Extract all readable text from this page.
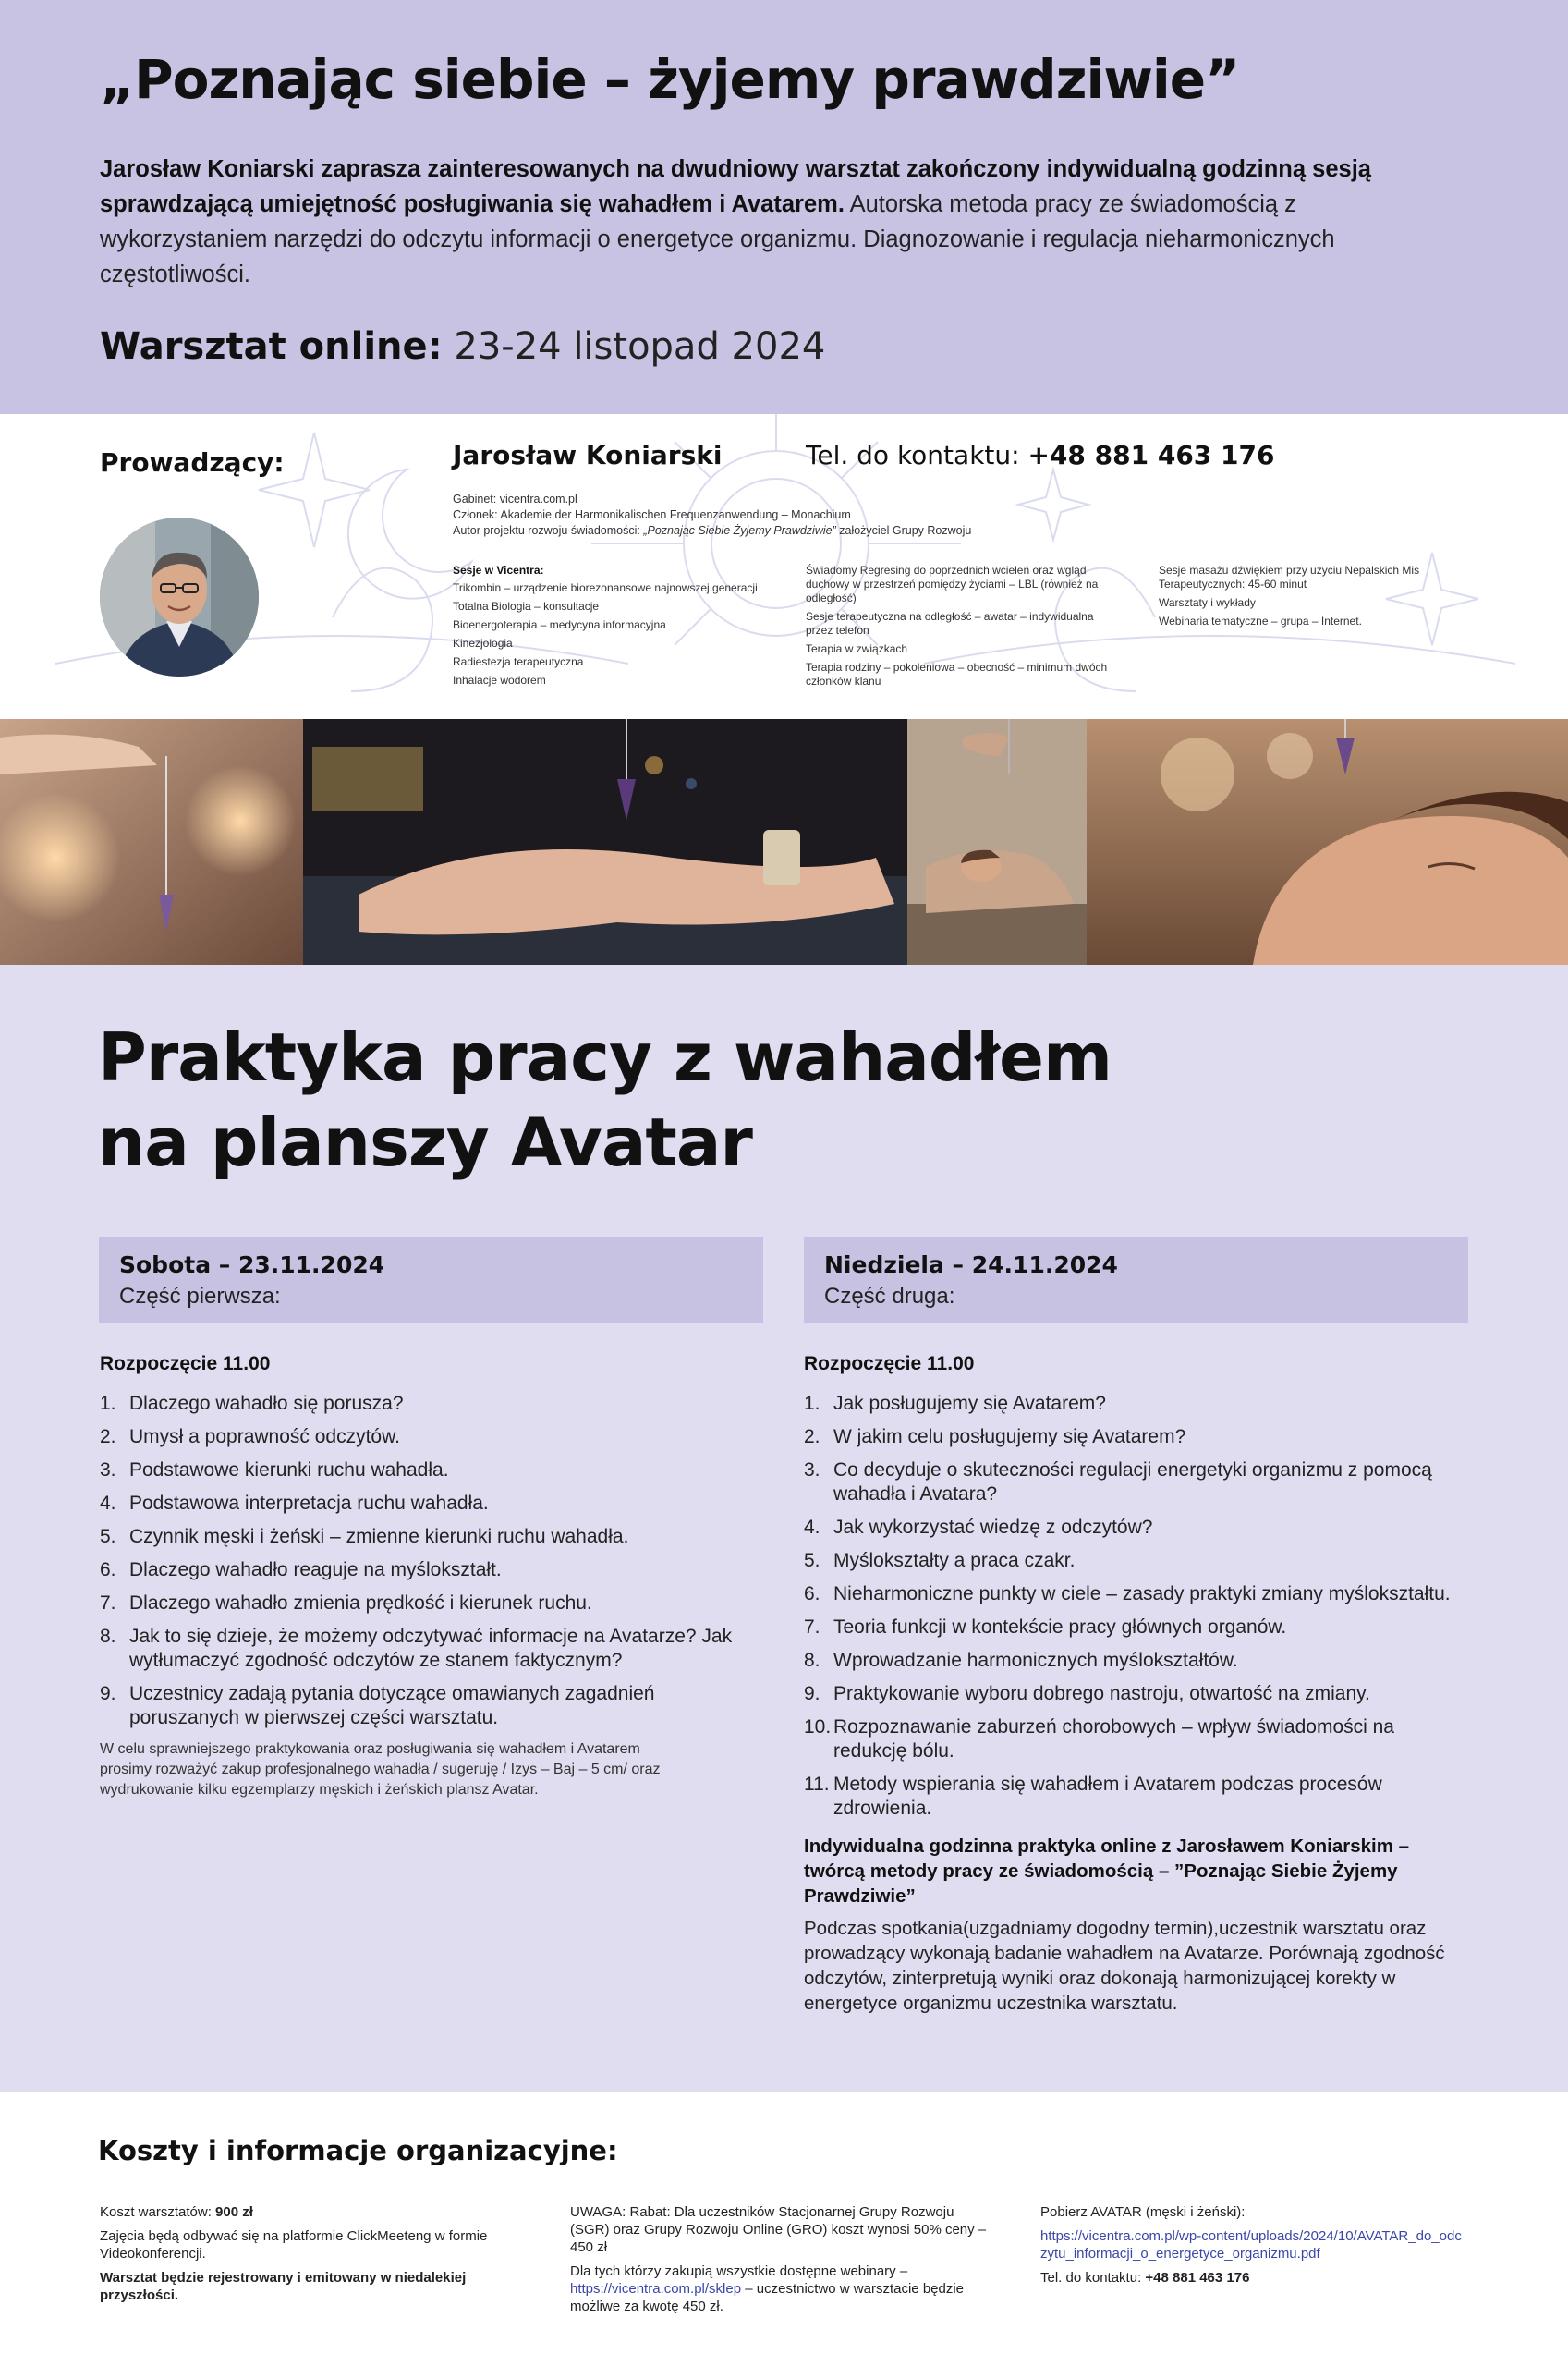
„Poznając siebie – żyjemy prawdziwie”

Jarosław Koniarski zaprasza zainteresowanych na dwudniowy warsztat zakończony indywidualną godzinną sesją sprawdzającą umiejętność posługiwania się wahadłem i Avatarem. Autorska metoda pracy ze świadomością z wykorzystaniem narzędzi do odczytu informacji o energetyce organizmu. Diagnozowanie i regulacja nieharmonicznych częstotliwości.

Warsztat online: 23-24 listopad 2024
Prowadzący:	Jarosław Koniarski	Tel. do kontaktu: +48 881 463 176
Gabinet: vicentra.com.pl
Członek: Akademie der Harmonikalischen Frequenzanwendung – Monachium
Autor projektu rozwoju świadomości: „Poznając Siebie Żyjemy Prawdziwie” założyciel Grupy Rozwoju
Sesje w Vicentra:
Trikombin – urządzenie biorezonansowe najnowszej generacji
Totalna Biologia – konsultacje
Bioenergoterapia – medycyna informacyjna
Kinezjologia
Radiestezja terapeutyczna
Inhalacje wodorem
Świadomy Regresing do poprzednich wcieleń oraz wgląd duchowy w przestrzeń pomiędzy życiami – LBL (również na odległość)
Sesje terapeutyczna na odległość – awatar – indywidualna przez telefon
Terapia w związkach
Terapia rodziny – pokoleniowa – obecność – minimum dwóch członków klanu
Sesje masażu dźwiękiem przy użyciu Nepalskich Mis Terapeutycznych: 45-60 minut
Warsztaty i wykłady
Webinaria tematyczne – grupa – Internet.
Praktyka pracy z wahadłem
na planszy Avatar
Sobota – 23.11.2024
Część pierwsza:
Niedziela – 24.11.2024
Część druga:
Rozpoczęcie 11.00
1. Dlaczego wahadło się porusza?
2. Umysł a poprawność odczytów.
3. Podstawowe kierunki ruchu wahadła.
4. Podstawowa interpretacja ruchu wahadła.
5. Czynnik męski i żeński – zmienne kierunki ruchu wahadła.
6. Dlaczego wahadło reaguje na myślokształt.
7. Dlaczego wahadło zmienia prędkość i kierunek ruchu.
8. Jak to się dzieje, że możemy odczytywać informacje na Avatarze? Jak wytłumaczyć zgodność odczytów ze stanem faktycznym?
9. Uczestnicy zadają pytania dotyczące omawianych zagadnień poruszanych w pierwszej części warsztatu.

W celu sprawniejszego praktykowania oraz posługiwania się wahadłem i Avatarem prosimy rozważyć zakup profesjonalnego wahadła / sugeruję / Izys – Baj – 5 cm/ oraz wydrukowanie kilku egzemplarzy męskich i żeńskich plansz Avatar.

Rozpoczęcie 11.00
1. Jak posługujemy się Avatarem?
2. W jakim celu posługujemy się Avatarem?
3. Co decyduje o skuteczności regulacji energetyki organizmu z pomocą wahadła i Avatara?
4. Jak wykorzystać wiedzę z odczytów?
5. Myślokształty a praca czakr.
6. Nieharmoniczne punkty w ciele – zasady praktyki zmiany myślokształtu.
7. Teoria funkcji w kontekście pracy głównych organów.
8. Wprowadzanie harmonicznych myślokształtów.
9. Praktykowanie wyboru dobrego nastroju, otwartość na zmiany.
10. Rozpoznawanie zaburzeń chorobowych – wpływ świadomości na redukcję bólu.
11. Metody wspierania się wahadłem i Avatarem podczas procesów zdrowienia.
Indywidualna godzinna praktyka online z Jarosławem Koniarskim – twórcą metody pracy ze świadomością – ”Poznając Siebie Żyjemy Prawdziwie”

Podczas spotkania(uzgadniamy dogodny termin),uczestnik warsztatu oraz prowadzący wykonają badanie wahadłem na Avatarze. Porównają zgodność odczytów, zinterpretują wyniki oraz dokonają harmonizującej korekty w energetyce organizmu uczestnika warsztatu.

Koszty i informacje organizacyjne:

Koszt warsztatów: 900 zł

Zajęcia będą odbywać się na platformie ClickMeeteng w formie Videokonferencji.

Warsztat będzie rejestrowany i emitowany w niedalekiej przyszłości.

UWAGA: Rabat: Dla uczestników Stacjonarnej Grupy Rozwoju (SGR) oraz Grupy Rozwoju Online (GRO) koszt wynosi 50% ceny – 450 zł

Dla tych którzy zakupią wszystkie dostępne webinary – https://vicentra.com.pl/sklep – uczestnictwo w warsztacie będzie możliwe za kwotę 450 zł.

Pobierz AVATAR (męski i żeński):

https://vicentra.com.pl/wp-content/uploads/2024/10/AVATAR_do_odczytu_informacji_o_energetyce_organizmu.pdf

Tel. do kontaktu: +48 881 463 176
